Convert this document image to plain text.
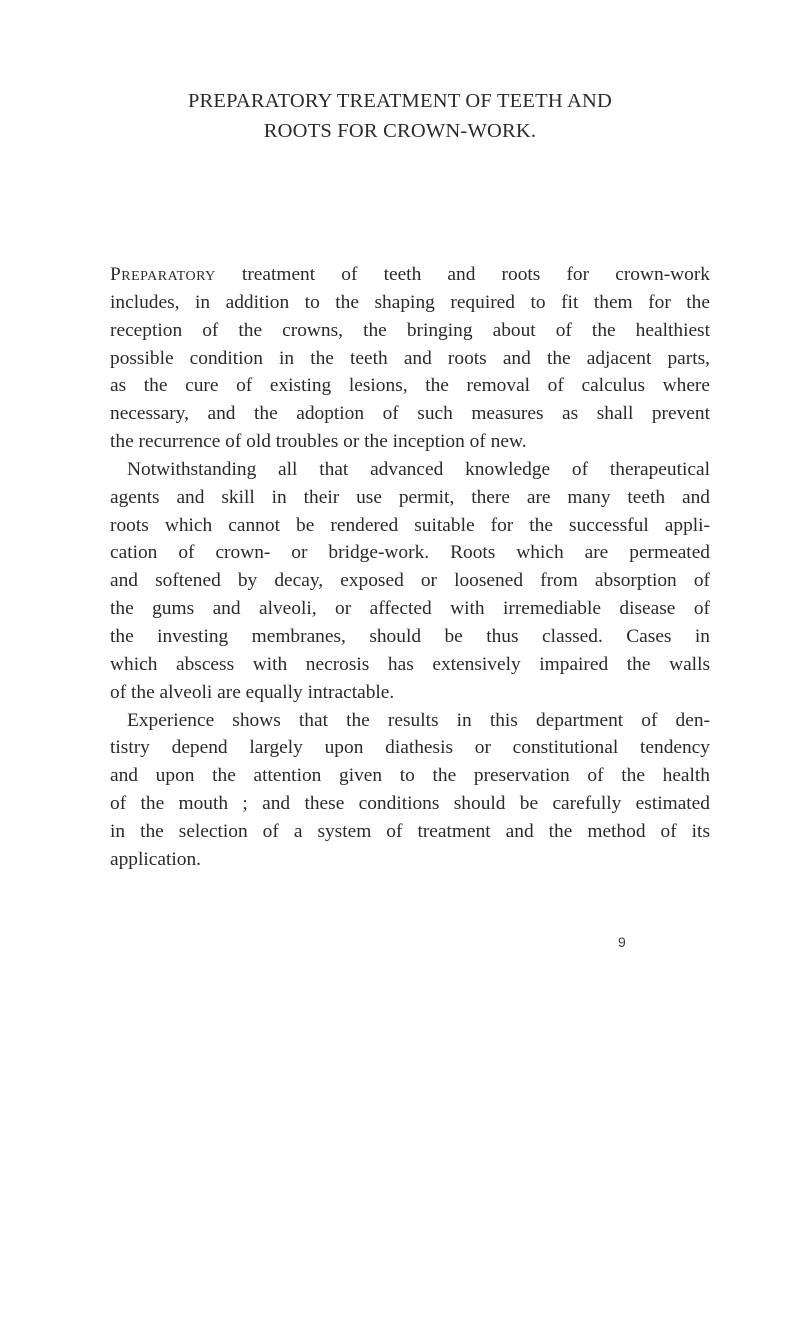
PREPARATORY TREATMENT OF TEETH AND
ROOTS FOR CROWN-WORK.
Preparatory treatment of teeth and roots for crown-work
includes, in addition to the shaping required to fit them for the
reception of the crowns, the bringing about of the healthiest
possible condition in the teeth and roots and the adjacent parts,
as the cure of existing lesions, the removal of calculus where
necessary, and the adoption of such measures as shall prevent
the recurrence of old troubles or the inception of new.
Notwithstanding all that advanced knowledge of therapeutical
agents and skill in their use permit, there are many teeth and
roots which cannot be rendered suitable for the successful appli-
cation of crown- or bridge-work. Roots which are permeated
and softened by decay, exposed or loosened from absorption of
the gums and alveoli, or affected with irremediable disease of
the investing membranes, should be thus classed. Cases in
which abscess with necrosis has extensively impaired the walls
of the alveoli are equally intractable.
Experience shows that the results in this department of den-
tistry depend largely upon diathesis or constitutional tendency
and upon the attention given to the preservation of the health
of the mouth ; and these conditions should be carefully estimated
in the selection of a system of treatment and the method of its
application.
9
